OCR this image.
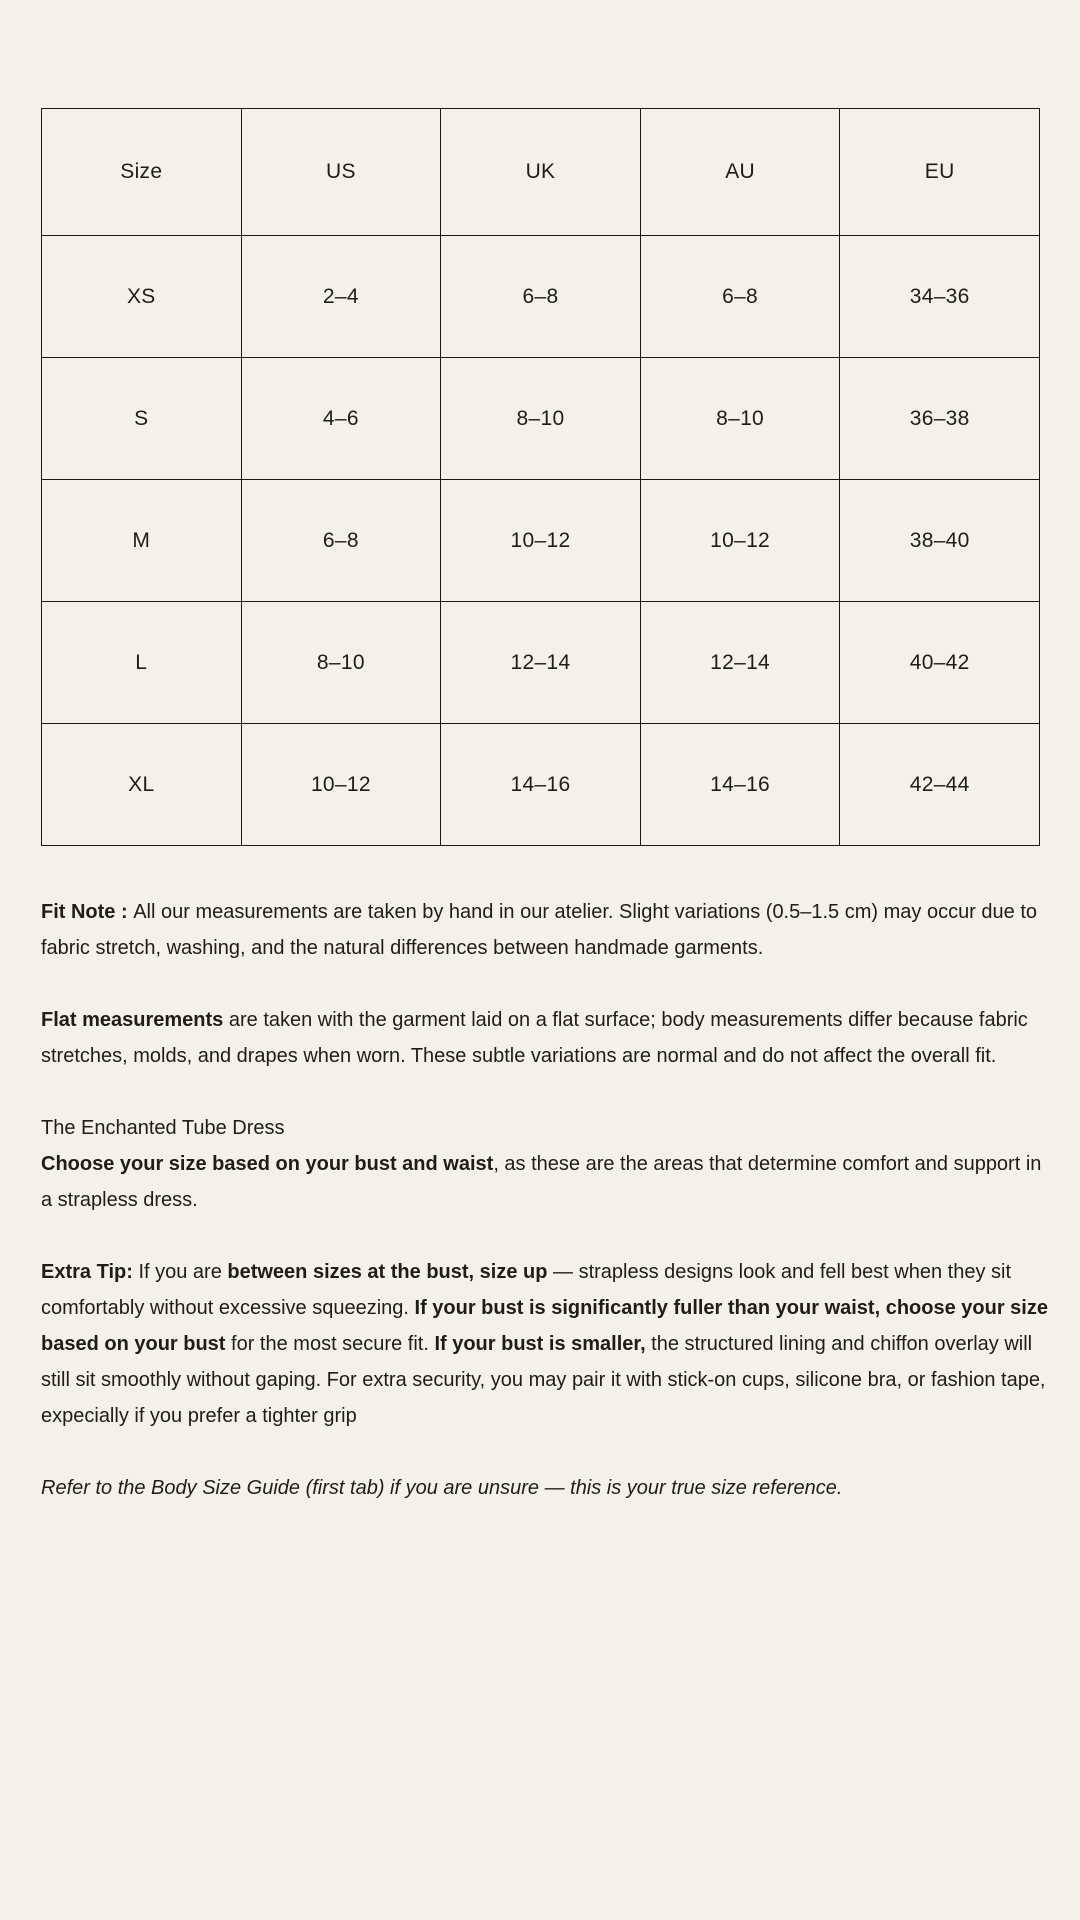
Size	US	UK	AU	EU
XS	2–4	6–8	6–8	34–36
S	4–6	8–10	8–10	36–38
M	6–8	10–12	10–12	38–40
L	8–10	12–14	12–14	40–42
XL	10–12	14–16	14–16	42–44

Fit Note : All our measurements are taken by hand in our atelier. Slight variations (0.5–1.5 cm) may occur due to fabric stretch, washing, and the natural differences between handmade garments.

Flat measurements are taken with the garment laid on a flat surface; body measurements differ because fabric stretches, molds, and drapes when worn. These subtle variations are normal and do not affect the overall fit.

The Enchanted Tube Dress
Choose your size based on your bust and waist, as these are the areas that determine comfort and support in a strapless dress.

Extra Tip: If you are between sizes at the bust, size up — strapless designs look and fell best when they sit comfortably without excessive squeezing. If your bust is significantly fuller than your waist, choose your size based on your bust for the most secure fit. If your bust is smaller, the structured lining and chiffon overlay will still sit smoothly without gaping. For extra security, you may pair it with stick-on cups, silicone bra, or fashion tape, expecially if you prefer a tighter grip

Refer to the Body Size Guide (first tab) if you are unsure — this is your true size reference.
